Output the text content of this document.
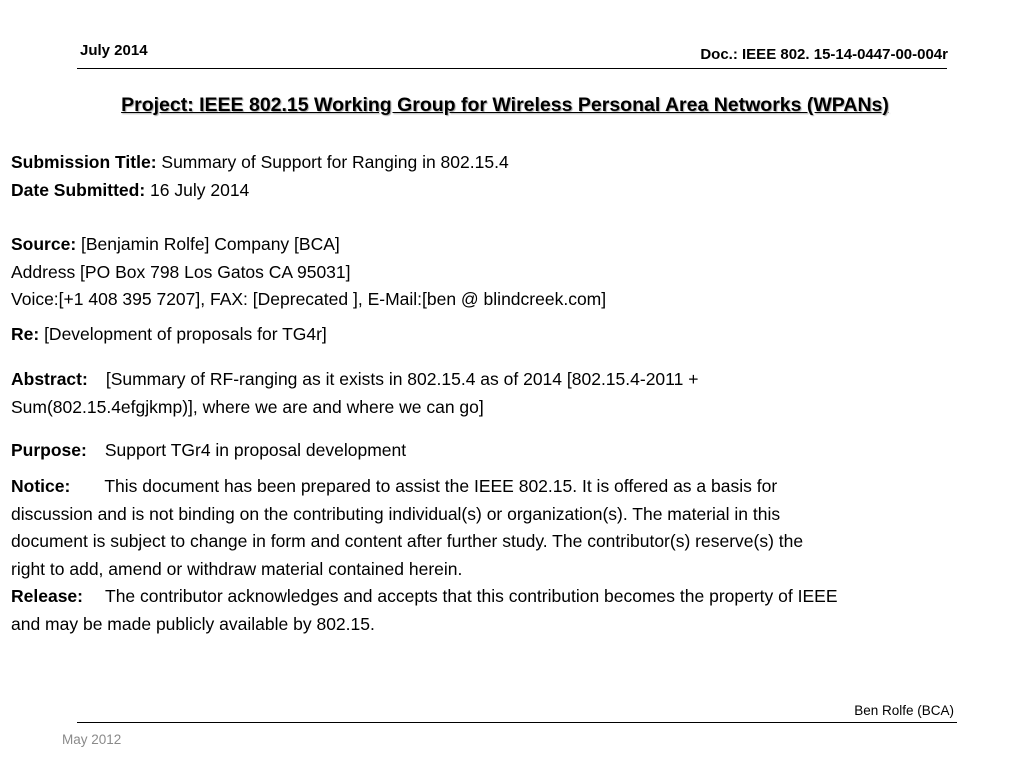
July 2014	Doc.: IEEE 802. 15-14-0447-00-004r
Project: IEEE 802.15 Working Group for Wireless Personal Area Networks (WPANs)
Submission Title: Summary of Support for Ranging in 802.15.4
Date Submitted: 16 July 2014
Source: [Benjamin Rolfe] Company [BCA]
Address [PO Box 798 Los Gatos CA 95031]
Voice:[+1 408 395 7207], FAX: [Deprecated ], E-Mail:[ben @ blindcreek.com]
Re: [Development of proposals for TG4r]
Abstract: [Summary of RF-ranging as it exists in 802.15.4 as of 2014 [802.15.4-2011 +
Sum(802.15.4efgjkmp)], where we are and where we can go]
Purpose: Support TGr4 in proposal development
Notice: This document has been prepared to assist the IEEE 802.15. It is offered as a basis for
discussion and is not binding on the contributing individual(s) or organization(s). The material in this
document is subject to change in form and content after further study. The contributor(s) reserve(s) the
right to add, amend or withdraw material contained herein.
Release: The contributor acknowledges and accepts that this contribution becomes the property of IEEE
and may be made publicly available by 802.15.
Ben Rolfe (BCA)
May 2012
